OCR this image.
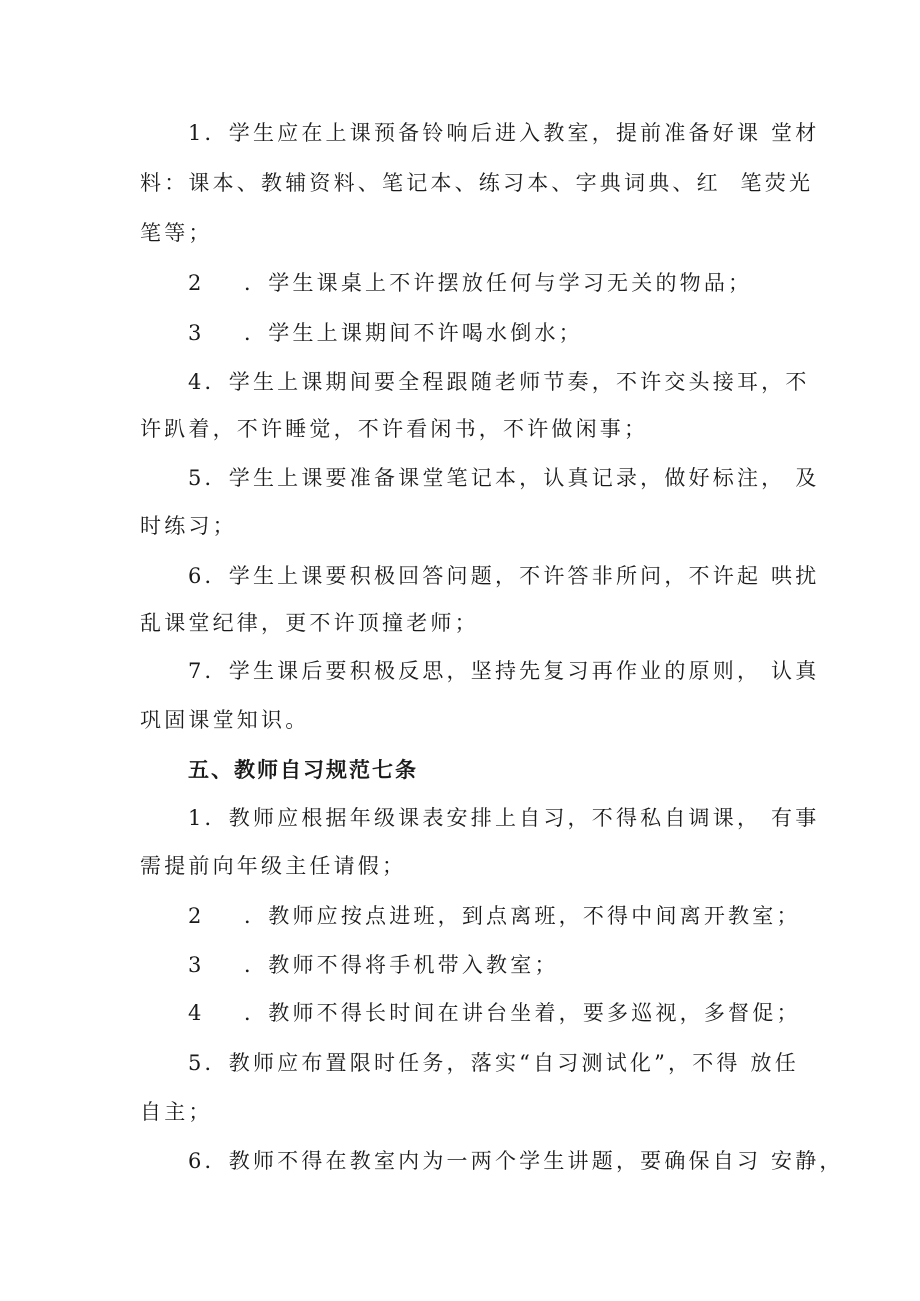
1．学生应在上课预备铃响后进入教室，提前准备好课 堂材
料：课本、教辅资料、笔记本、练习本、字典词典、红  笔荧光
笔等；
2    ．学生课桌上不许摆放任何与学习无关的物品；
3    ．学生上课期间不许喝水倒水；
4．学生上课期间要全程跟随老师节奏，不许交头接耳，不
许趴着，不许睡觉，不许看闲书，不许做闲事；
5．学生上课要准备课堂笔记本，认真记录，做好标注， 及
时练习；
6．学生上课要积极回答问题，不许答非所问，不许起 哄扰
乱课堂纪律，更不许顶撞老师；
7．学生课后要积极反思，坚持先复习再作业的原则， 认真
巩固课堂知识。
五、教师自习规范七条
1．教师应根据年级课表安排上自习，不得私自调课， 有事
需提前向年级主任请假；
2    ．教师应按点进班，到点离班，不得中间离开教室；
3    ．教师不得将手机带入教室；
4    ．教师不得长时间在讲台坐着，要多巡视，多督促；
5．教师应布置限时任务，落实“自习测试化”，不得 放任
自主；
6．教师不得在教室内为一两个学生讲题，要确保自习 安静，
